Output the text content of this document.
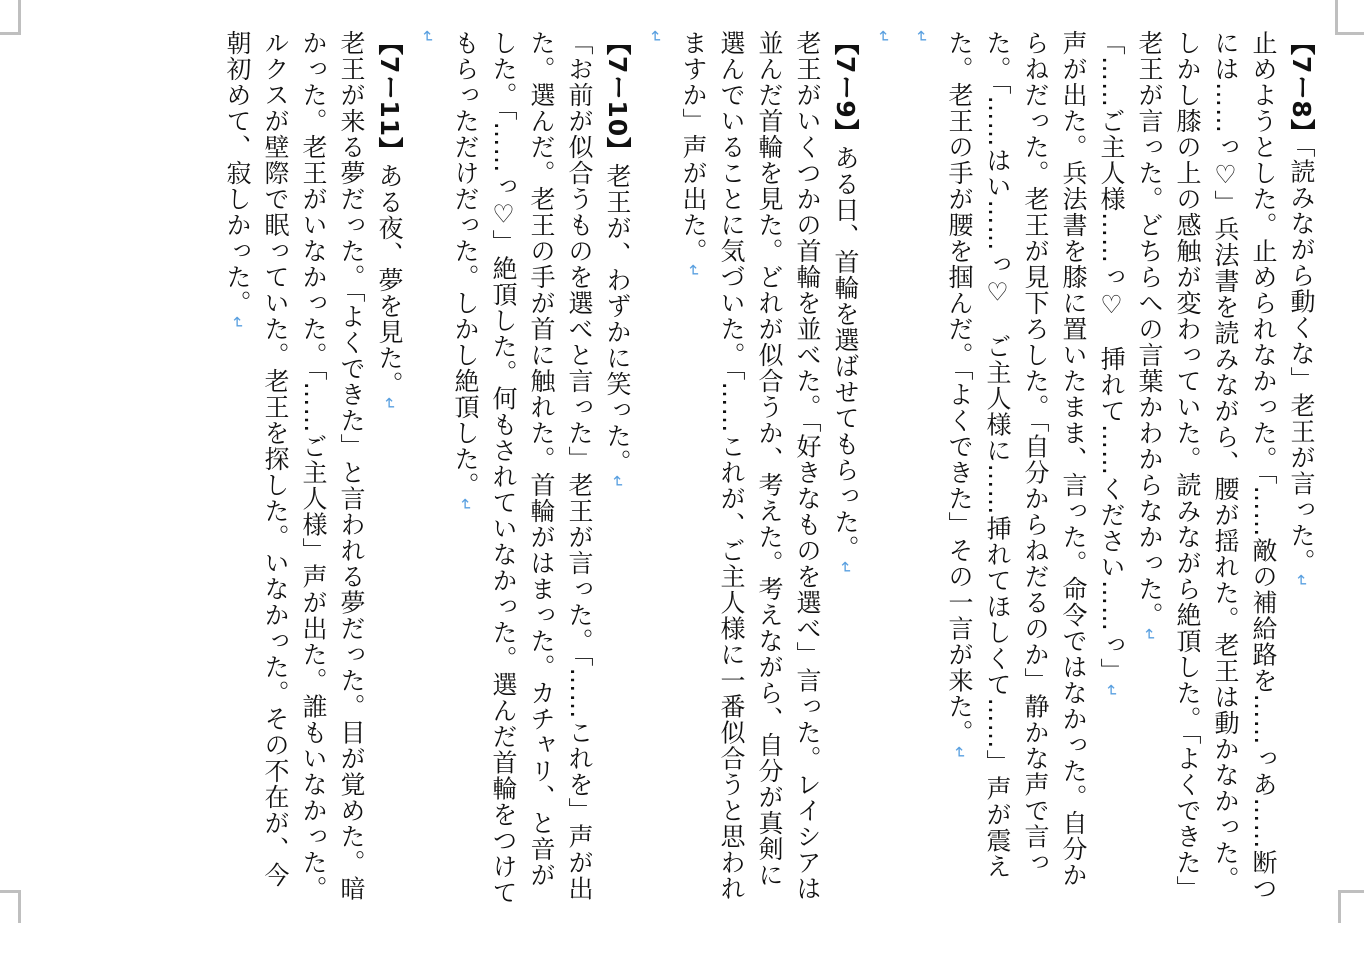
【7ー8】「読みながら動くな」老王が言った。↵

止めようとした。止められなかった。「……敵の補給路を……っあ……断つには……っ♡」兵法書を読みながら、腰が揺れた。老王は動かなかった。しかし膝の上の感触が変わっていた。読みながら絶頂した。「よくできた」老王が言った。どちらへの言葉かわからなかった。↵

「……ご主人様……っ♡　挿れて……ください……っ」↵

声が出た。兵法書を膝に置いたまま、言った。命令ではなかった。自分からねだった。老王が見下ろした。「自分からねだるのか」静かな声で言った。「……はい……っ♡　ご主人様に……挿れてほしくて……」声が震えた。老王の手が腰を掴んだ。「よくできた」その一言が来た。↵

↵

↵

【7ー9】ある日、首輪を選ばせてもらった。↵

老王がいくつかの首輪を並べた。「好きなものを選べ」言った。レイシアは並んだ首輪を見た。どれが似合うか、考えた。考えながら、自分が真剣に選んでいることに気づいた。「……これが、ご主人様に一番似合うと思われますか」声が出た。↵

↵

【7ー10】老王が、わずかに笑った。↵

「お前が似合うものを選べと言った」老王が言った。「……これを」声が出た。選んだ。老王の手が首に触れた。首輪がはまった。カチャリ、と音がした。「……っ♡」絶頂した。何もされていなかった。選んだ首輪をつけてもらっただけだった。しかし絶頂した。↵

↵

【7ー11】ある夜、夢を見た。↵

老王が来る夢だった。「よくできた」と言われる夢だった。目が覚めた。暗かった。老王がいなかった。「……ご主人様」声が出た。誰もいなかった。ルクスが壁際で眠っていた。老王を探した。いなかった。その不在が、今朝初めて、寂しかった。↵
